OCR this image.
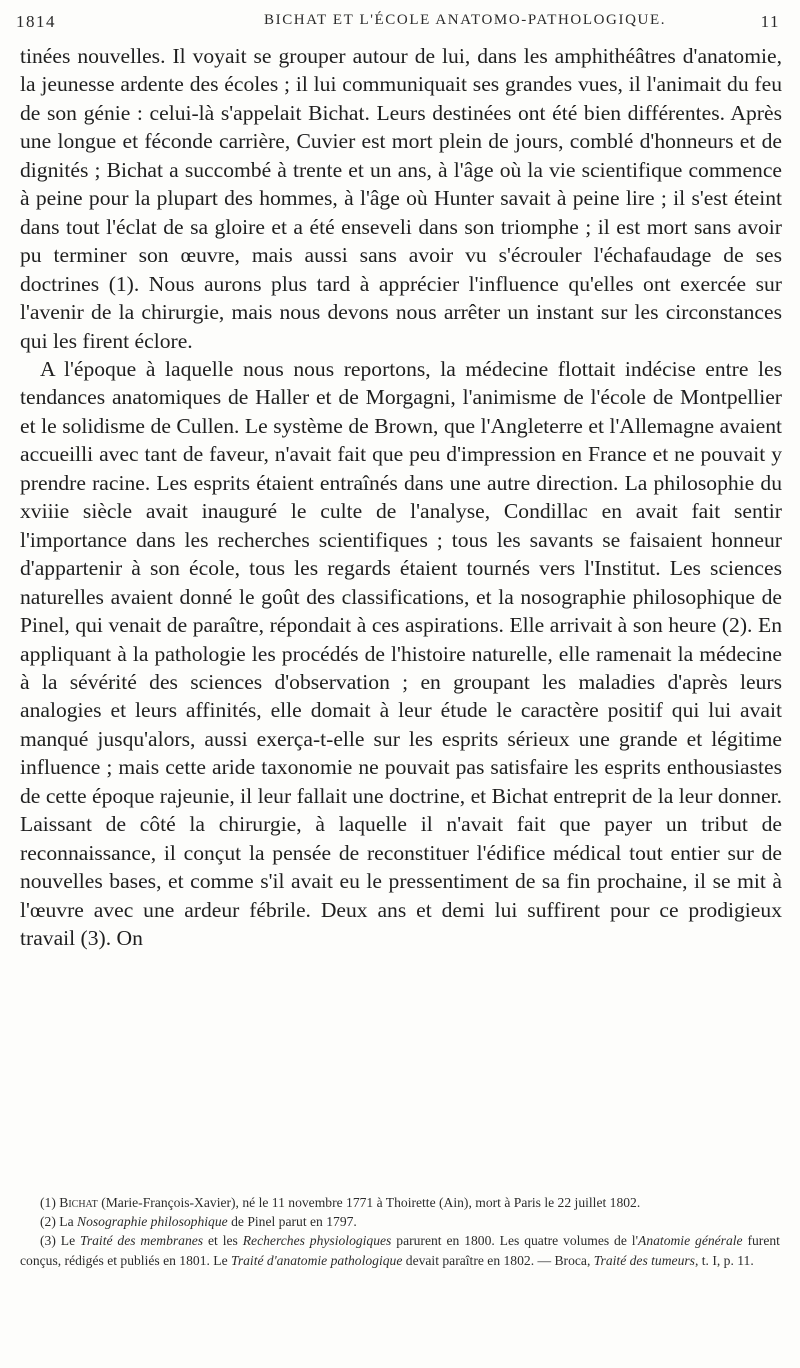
1814	BICHAT ET L'ÉCOLE ANATOMO-PATHOLOGIQUE.	11

tinées nouvelles. Il voyait se grouper autour de lui, dans les amphithéâtres d'anatomie, la jeunesse ardente des écoles ; il lui communiquait ses grandes vues, il l'animait du feu de son génie : celui-là s'appelait Bichat. Leurs destinées ont été bien différentes. Après une longue et féconde carrière, Cuvier est mort plein de jours, comblé d'honneurs et de dignités ; Bichat a succombé à trente et un ans, à l'âge où la vie scientifique commence à peine pour la plupart des hommes, à l'âge où Hunter savait à peine lire ; il s'est éteint dans tout l'éclat de sa gloire et a été enseveli dans son triomphe ; il est mort sans avoir pu terminer son œuvre, mais aussi sans avoir vu s'écrouler l'échafaudage de ses doctrines (1). Nous aurons plus tard à apprécier l'influence qu'elles ont exercée sur l'avenir de la chirurgie, mais nous devons nous arrêter un instant sur les circonstances qui les firent éclore.

A l'époque à laquelle nous nous reportons, la médecine flottait indécise entre les tendances anatomiques de Haller et de Morgagni, l'animisme de l'école de Montpellier et le solidisme de Cullen. Le système de Brown, que l'Angleterre et l'Allemagne avaient accueilli avec tant de faveur, n'avait fait que peu d'impression en France et ne pouvait y prendre racine. Les esprits étaient entraînés dans une autre direction. La philosophie du xviiie siècle avait inauguré le culte de l'analyse, Condillac en avait fait sentir l'importance dans les recherches scientifiques ; tous les savants se faisaient honneur d'appartenir à son école, tous les regards étaient tournés vers l'Institut. Les sciences naturelles avaient donné le goût des classifications, et la nosographie philosophique de Pinel, qui venait de paraître, répondait à ces aspirations. Elle arrivait à son heure (2). En appliquant à la pathologie les procédés de l'histoire naturelle, elle ramenait la médecine à la sévérité des sciences d'observation ; en groupant les maladies d'après leurs analogies et leurs affinités, elle domait à leur étude le caractère positif qui lui avait manqué jusqu'alors, aussi exerça-t-elle sur les esprits sérieux une grande et légitime influence ; mais cette aride taxonomie ne pouvait pas satisfaire les esprits enthousiastes de cette époque rajeunie, il leur fallait une doctrine, et Bichat entreprit de la leur donner. Laissant de côté la chirurgie, à laquelle il n'avait fait que payer un tribut de reconnaissance, il conçut la pensée de reconstituer l'édifice médical tout entier sur de nouvelles bases, et comme s'il avait eu le pressentiment de sa fin prochaine, il se mit à l'œuvre avec une ardeur fébrile. Deux ans et demi lui suffirent pour ce prodigieux travail (3). On

(1) Bichat (Marie-François-Xavier), né le 11 novembre 1771 à Thoirette (Ain), mort à Paris le 22 juillet 1802.

(2) La Nosographie philosophique de Pinel parut en 1797.

(3) Le Traité des membranes et les Recherches physiologiques parurent en 1800. Les quatre volumes de l'Anatomie générale furent conçus, rédigés et publiés en 1801. Le Traité d'anatomie pathologique devait paraître en 1802. — Broca, Traité des tumeurs, t. I, p. 11.
